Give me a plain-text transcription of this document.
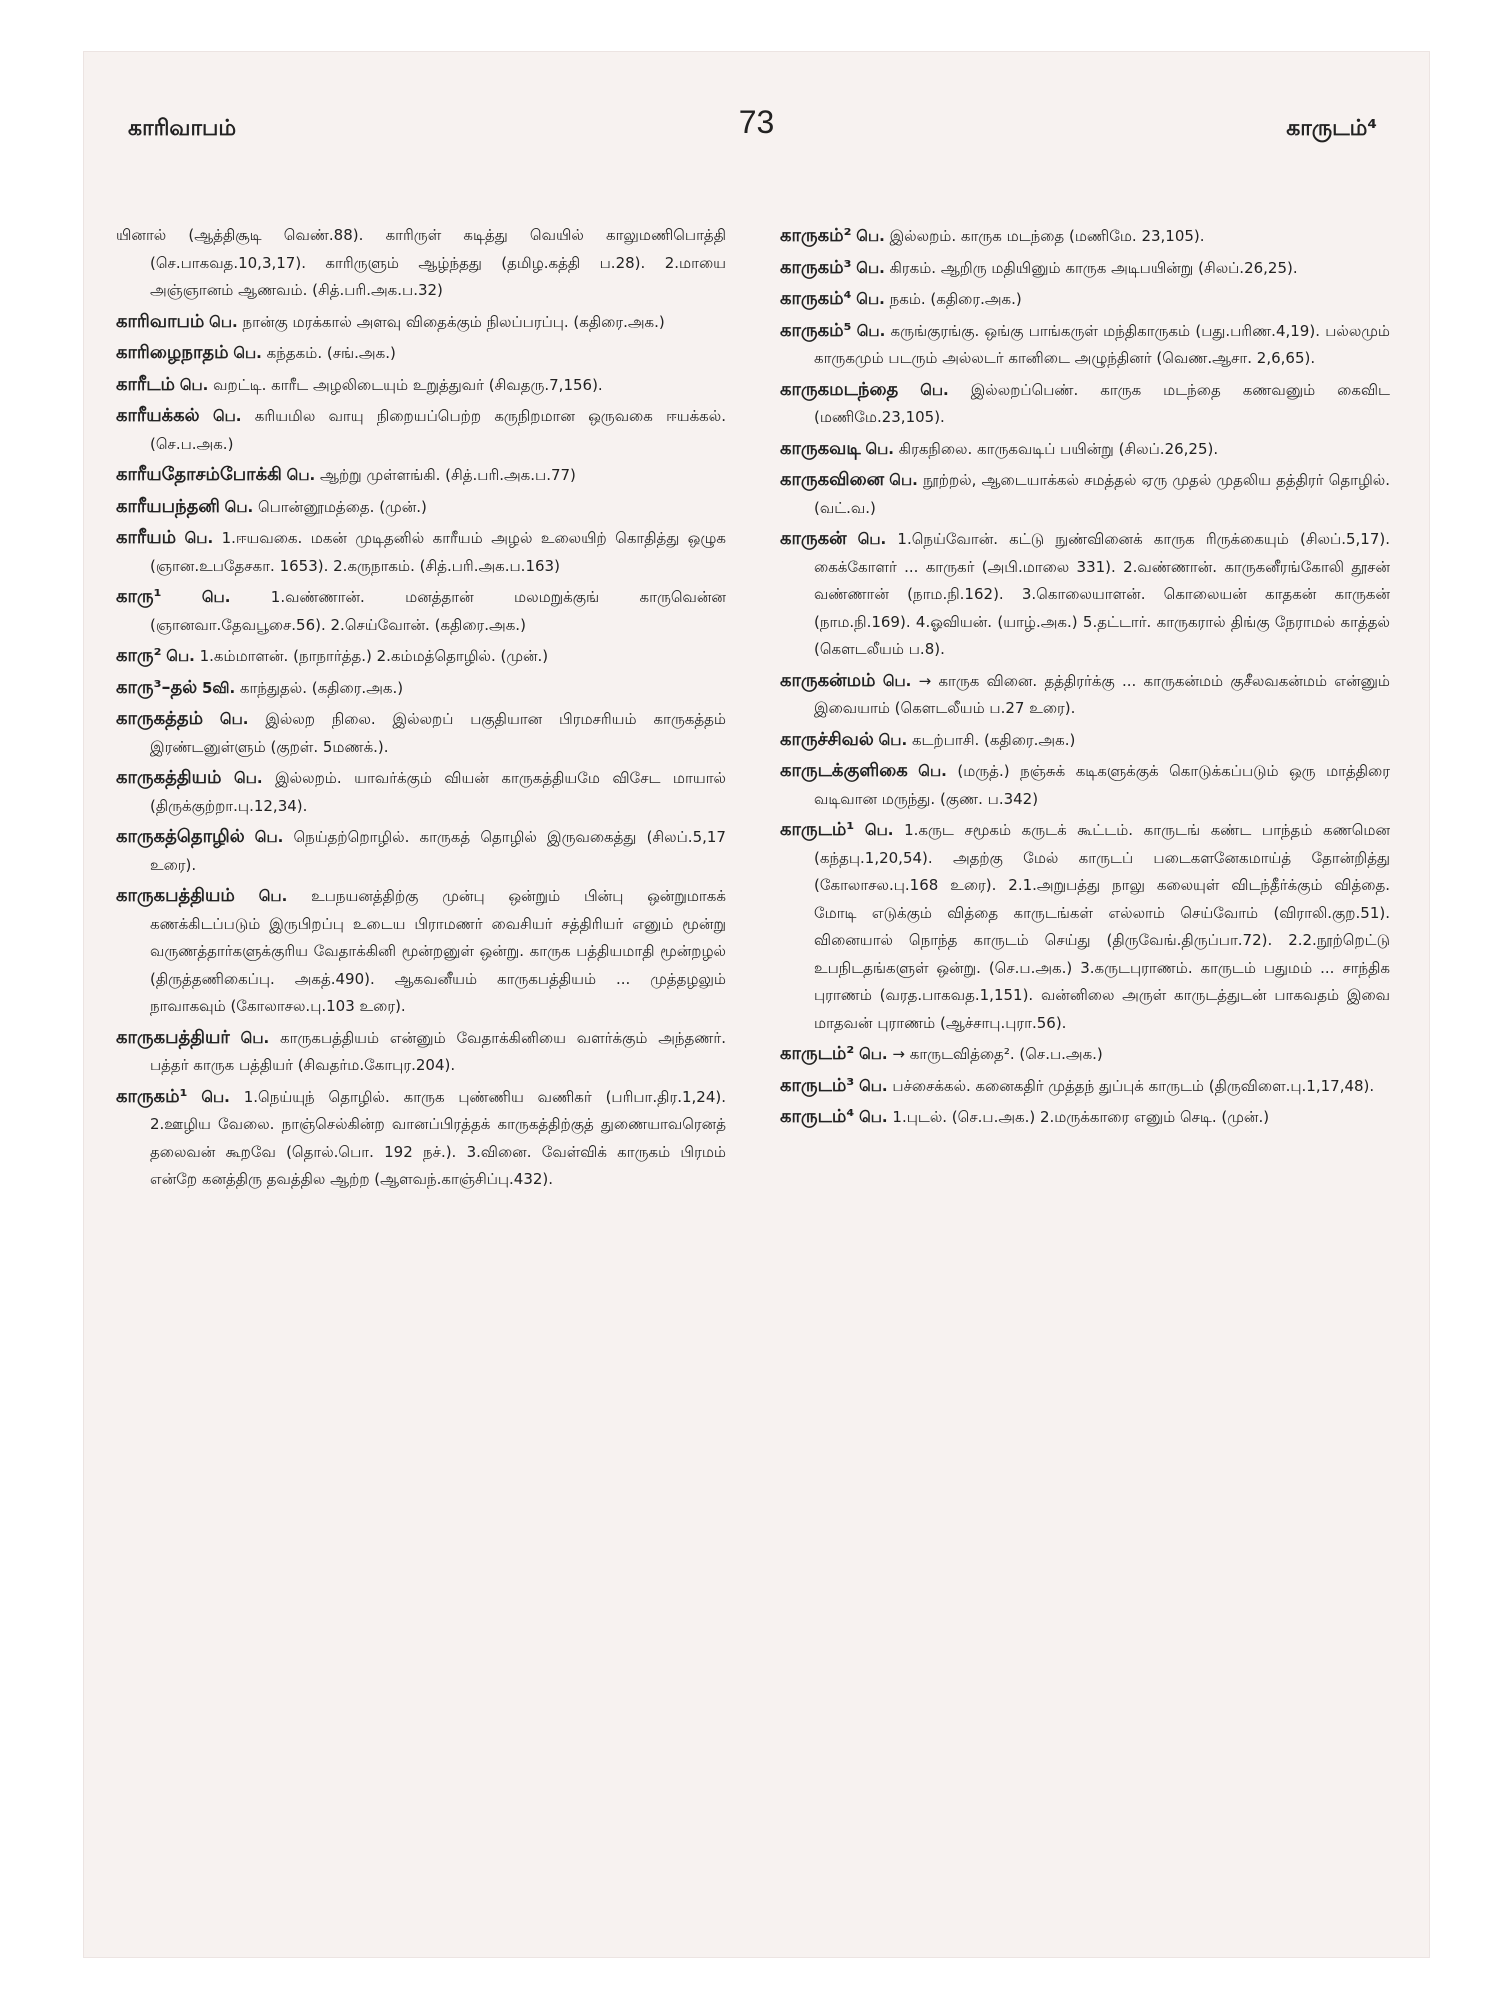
காரிவாபம்	73	காருடம்⁴

யினால் (ஆத்திசூடி வெண்.88). காரிருள் கடித்து வெயில் காலுமணிபொத்தி (செ.பாகவத.10,3,17). காரிருளும் ஆழ்ந்தது (தமிழ.கத்தி ப.28). 2.மாயை அஞ்ஞானம் ஆணவம். (சித்.பரி.அக.ப.32)

காரிவாபம் பெ. நான்கு மரக்கால் அளவு விதைக்கும் நிலப்பரப்பு. (கதிரை.அக.)

காரிழைநாதம் பெ. கந்தகம். (சங்.அக.)

காரீடம் பெ. வறட்டி. காரீட அழலிடையும் உறுத்துவர் (சிவதரு.7,156).

காரீயக்கல் பெ. கரியமில வாயு நிறையப்பெற்ற கருநிறமான ஒருவகை ஈயக்கல். (செ.ப.அக.)

காரீயதோசம்போக்கி பெ. ஆற்று முள்ளங்கி. (சித்.பரி.அக.ப.77)

காரீயபந்தனி பெ. பொன்னூமத்தை. (முன்.)

காரீயம் பெ. 1.ஈயவகை. மகன் முடிதனில் காரீயம் அழல் உலையிற் கொதித்து ஒழுக (ஞான.உபதேசகா. 1653). 2.கருநாகம். (சித்.பரி.அக.ப.163)

காரு¹	பெ.	1.வண்ணான். மனத்தான் மலமறுக்குங் காருவென்ன (ஞானவா.தேவபூசை.56). 2.செய்வோன். (கதிரை.அக.)

காரு² பெ. 1.கம்மாளன். (நாநார்த்த.) 2.கம்மத்தொழில். (முன்.)

காரு³–தல் 5வி. காந்துதல். (கதிரை.அக.)

காருகத்தம் பெ. இல்லற நிலை. இல்லறப் பகுதியான பிரமசரியம் காருகத்தம் இரண்டனுள்ளும் (குறள். 5மணக்.).

காருகத்தியம் பெ. இல்லறம். யாவர்க்கும் வியன் காருகத்தியமே விசேட மாயால் (திருக்குற்றா.பு.12,34).

காருகத்தொழில் பெ. நெய்தற்றொழில். காருகத் தொழில் இருவகைத்து (சிலப்.5,17 உரை).

காருகபத்தியம் பெ. உபநயனத்திற்கு முன்பு ஒன்றும் பின்பு ஒன்றுமாகக் கணக்கிடப்படும் இருபிறப்பு உடைய பிராமணர் வைசியர் சத்திரியர் எனும் மூன்று வருணத்தார்களுக்குரிய வேதாக்கினி மூன்றனுள் ஒன்று. காருக பத்தியமாதி மூன்றழல் (திருத்தணிகைப்பு. அகத்.490). ஆகவனீயம் காருகபத்தியம் ... முத்தழலும் நாவாகவும் (கோலாசல.பு.103 உரை).

காருகபத்தியர் பெ. காருகபத்தியம் என்னும் வேதாக்கினியை வளர்க்கும் அந்தணர். பத்தர் காருக பத்தியர் (சிவதர்ம.கோபுர.204).

காருகம்¹ பெ. 1.நெய்யுந் தொழில். காருக புண்ணிய வணிகர் (பரிபா.திர.1,24). 2.ஊழிய வேலை. நாஞ்செல்கின்ற வானப்பிரத்தக் காருகத்திற்குத் துணையாவரெனத் தலைவன் கூறவே (தொல்.பொ. 192 நச்.). 3.வினை. வேள்விக் காருகம் பிரமம் என்றே கனத்திரு தவத்தில ஆற்ற (ஆளவந்.காஞ்சிப்பு.432).

காருகம்² பெ. இல்லறம். காருக மடந்தை (மணிமே. 23,105).

காருகம்³ பெ. கிரகம். ஆறிரு மதியினும் காருக அடிபயின்று (சிலப்.26,25).

காருகம்⁴ பெ. நகம். (கதிரை.அக.)

காருகம்⁵ பெ. கருங்குரங்கு. ஒங்கு பாங்கருள் மந்திகாருகம் (பது.பரிண.4,19). பல்லமும் காருகமும் படரும் அல்லடர் கானிடை அழுந்தினர் (வெண.ஆசா. 2,6,65).

காருகமடந்தை பெ. இல்லறப்பெண். காருக மடந்தை கணவனும் கைவிட (மணிமே.23,105).

காருகவடி பெ. கிரகநிலை. காருகவடிப் பயின்று (சிலப்.26,25).

காருகவினை பெ. நூற்றல், ஆடையாக்கல் சமத்தல் ஏரு முதல் முதலிய தத்திரர் தொழில். (வட்.வ.)

காருகன் பெ. 1.நெய்வோன். கட்டு நுண்வினைக் காருக ரிருக்கையும் (சிலப்.5,17). கைக்கோளர் ... காருகர் (அபி.மாலை 331). 2.வண்ணான். காருகனீரங்கோலி தூசன் வண்ணான் (நாம.நி.162). 3.கொலையாளன். கொலையன் காதகன் காருகன் (நாம.நி.169). 4.ஓவியன். (யாழ்.அக.) 5.தட்டார். காருகரால் திங்கு நேராமல் காத்தல் (கௌடலீயம் ப.8).

காருகன்மம் பெ. → காருக வினை. தத்திரர்க்கு ... காருகன்மம் குசீலவகன்மம் என்னும் இவையாம் (கௌடலீயம் ப.27 உரை).

காருச்சிவல் பெ. கடற்பாசி. (கதிரை.அக.)

காருடக்குளிகை பெ. (மருத்.) நஞ்சுக் கடிகளுக்குக் கொடுக்கப்படும் ஒரு மாத்திரை வடிவான மருந்து. (குண. ப.342)

காருடம்¹ பெ. 1.கருட சமூகம் கருடக் கூட்டம். காருடங் கண்ட பாந்தம் கணமென (கந்தபு.1,20,54). அதற்கு மேல் காருடப் படைகளனேகமாய்த் தோன்றித்து (கோலாசல.பு.168 உரை). 2.1.அறுபத்து நாலு கலையுள் விடந்தீர்க்கும் வித்தை. மோடி எடுக்கும் வித்தை காருடங்கள் எல்லாம் செய்வோம் (விராலி.குற.51). வினையால் நொந்த காருடம் செய்து (திருவேங்.திருப்பா.72). 2.2.நூற்றெட்டு உபநிடதங்களுள் ஒன்று. (செ.ப.அக.) 3.கருடபுராணம். காருடம் பதுமம் ... சாந்திக புராணம் (வரத.பாகவத.1,151). வன்னிலை அருள் காருடத்துடன் பாகவதம் இவை மாதவன் புராணம் (ஆச்சாபு.புரா.56).

காருடம்² பெ. → காருடவித்தை². (செ.ப.அக.)

காருடம்³ பெ. பச்சைக்கல். கனைகதிர் முத்தந் துப்புக் காருடம் (திருவிளை.பு.1,17,48).

காருடம்⁴ பெ. 1.புடல். (செ.ப.அக.) 2.மருக்காரை எனும் செடி. (முன்.)
